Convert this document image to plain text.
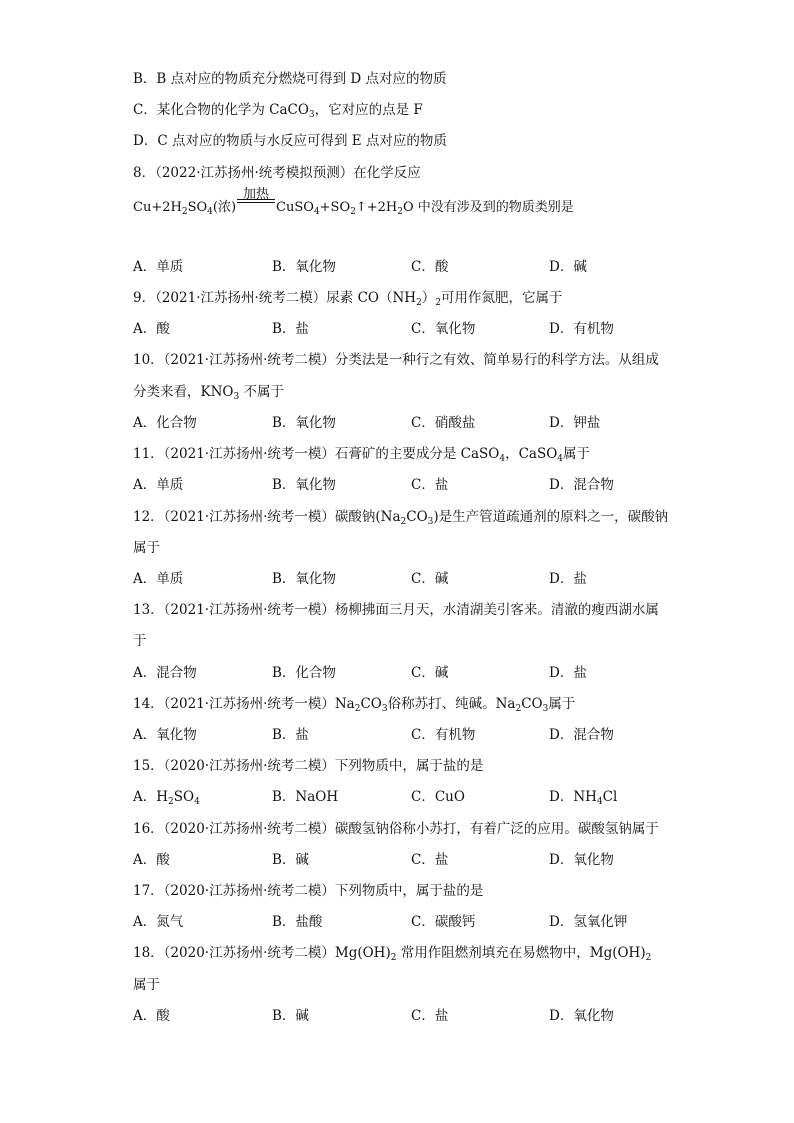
B．B 点对应的物质充分燃烧可得到 D 点对应的物质
C．某化合物的化学为 CaCO$_3$，它对应的点是 F
D．C 点对应的物质与水反应可得到 E 点对应的物质
8．（2022·江苏扬州·统考模拟预测）在化学反应
$Cu+2H_2SO_4$(浓)
加热
$CuSO_4+SO_2↑+2H_2O$ 中没有涉及到的物质类别是
A．单质	B．氧化物	C．酸	D．碱
9．（2021·江苏扬州·统考二模）尿素 $CO(NH_2)_2$可用作氮肥，它属于
A．酸	B．盐	C．氧化物	D．有机物
10．（2021·江苏扬州·统考二模）分类法是一种行之有效、简单易行的科学方法。从组成
分类来看，$KNO_3$ 不属于
A．化合物	B．氧化物	C．硝酸盐	D．钾盐
11．（2021·江苏扬州·统考一模）石膏矿的主要成分是 CaSO$_4$，CaSO$_4$属于
A．单质	B．氧化物	C．盐	D．混合物
12．（2021·江苏扬州·统考一模）碳酸钠$(Na_2CO_3)$是生产管道疏通剂的原料之一，碳酸钠
属于
A．单质	B．氧化物	C．碱	D．盐
13．（2021·江苏扬州·统考一模）杨柳拂面三月天，水清湖美引客来。清澈的瘦西湖水属
于
A．混合物	B．化合物	C．碱	D．盐
14．（2021·江苏扬州·统考一模）$Na_2CO_3$俗称苏打、纯碱。$Na_2CO_3$属于
A．氧化物	B．盐	C．有机物	D．混合物
15．（2020·江苏扬州·统考二模）下列物质中，属于盐的是
A．$H_2SO_4$	B．NaOH	C．CuO	D．$NH_4Cl$
16．（2020·江苏扬州·统考二模）碳酸氢钠俗称小苏打，有着广泛的应用。碳酸氢钠属于
A．酸	B．碱	C．盐	D．氧化物
17．（2020·江苏扬州·统考二模）下列物质中，属于盐的是
A．氮气	B．盐酸	C．碳酸钙	D．氢氧化钾
18．（2020·江苏扬州·统考二模）$Mg(OH)_2$ 常用作阻燃剂填充在易燃物中，$Mg(OH)_2$
属于
A．酸	B．碱	C．盐	D．氧化物
